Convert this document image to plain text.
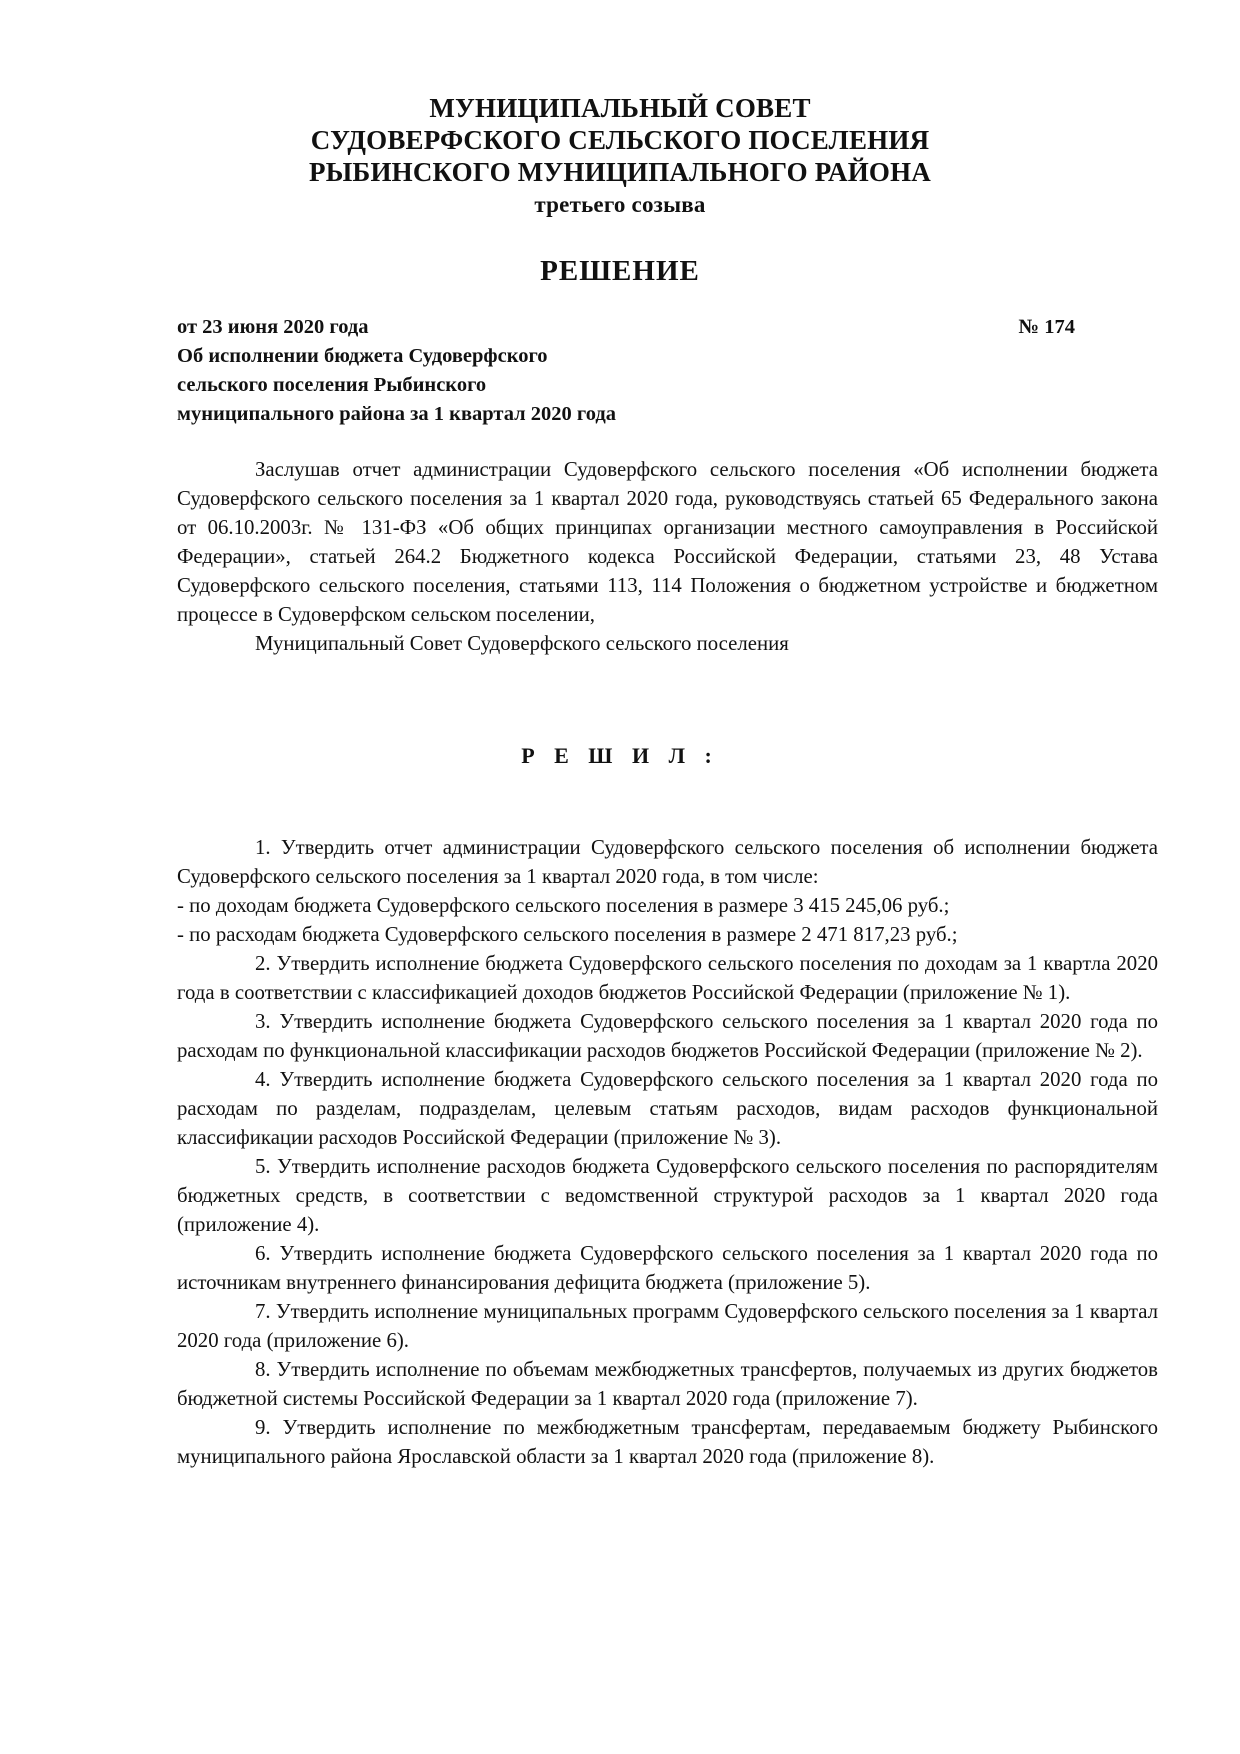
МУНИЦИПАЛЬНЫЙ СОВЕТ
СУДОВЕРФСКОГО СЕЛЬСКОГО ПОСЕЛЕНИЯ
РЫБИНСКОГО МУНИЦИПАЛЬНОГО РАЙОНА
третьего созыва
РЕШЕНИЕ
от 23 июня 2020 года	№ 174
Об исполнении бюджета Судоверфского
сельского поселения Рыбинского
муниципального района за 1 квартал 2020 года

Заслушав отчет администрации Судоверфского сельского поселения «Об исполнении бюджета Судоверфского сельского поселения за 1 квартал 2020 года, руководствуясь статьей 65 Федерального закона от 06.10.2003г. № 131-ФЗ «Об общих принципах организации местного самоуправления в Российской Федерации», статьей 264.2 Бюджетного кодекса Российской Федерации, статьями 23, 48 Устава Судоверфского сельского поселения, статьями 113, 114 Положения о бюджетном устройстве и бюджетном процессе в Судоверфском сельском поселении,

Муниципальный Совет Судоверфского сельского поселения

Р Е Ш И Л :

1. Утвердить отчет администрации Судоверфского сельского поселения об исполнении бюджета Судоверфского сельского поселения за 1 квартал 2020 года, в том числе:

- по доходам бюджета Судоверфского сельского поселения в размере 3 415 245,06 руб.;

- по расходам бюджета Судоверфского сельского поселения в размере 2 471 817,23 руб.;

2. Утвердить исполнение бюджета Судоверфского сельского поселения по доходам за 1 квартла 2020 года в соответствии с классификацией доходов бюджетов Российской Федерации (приложение № 1).

3. Утвердить исполнение бюджета Судоверфского сельского поселения за 1 квартал 2020 года по расходам по функциональной классификации расходов бюджетов Российской Федерации (приложение № 2).

4. Утвердить исполнение бюджета Судоверфского сельского поселения за 1 квартал 2020 года по расходам по разделам, подразделам, целевым статьям расходов, видам расходов функциональной классификации расходов Российской Федерации (приложение № 3).

5. Утвердить исполнение расходов бюджета Судоверфского сельского поселения по распорядителям бюджетных средств, в соответствии с ведомственной структурой расходов за 1 квартал 2020 года (приложение 4).

6. Утвердить исполнение бюджета Судоверфского сельского поселения за 1 квартал 2020 года по источникам внутреннего финансирования дефицита бюджета (приложение 5).

7. Утвердить исполнение муниципальных программ Судоверфского сельского поселения за 1 квартал 2020 года (приложение 6).

8. Утвердить исполнение по объемам межбюджетных трансфертов, получаемых из других бюджетов бюджетной системы Российской Федерации за 1 квартал 2020 года (приложение 7).

9. Утвердить исполнение по межбюджетным трансфертам, передаваемым бюджету Рыбинского муниципального района Ярославской области за 1 квартал 2020 года (приложение 8).
